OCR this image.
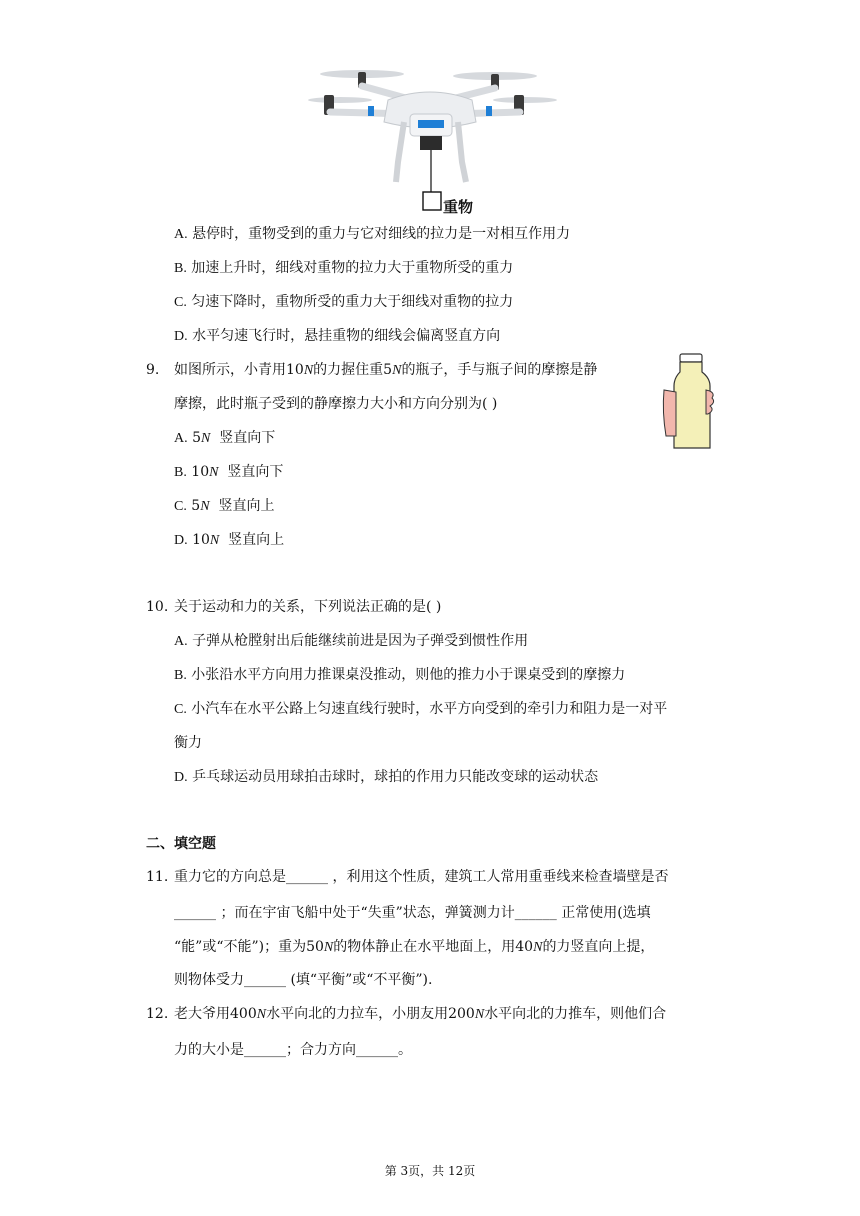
重物
A. 悬停时，重物受到的重力与它对细线的拉力是一对相互作用力
B. 加速上升时，细线对重物的拉力大于重物所受的重力
C. 匀速下降时，重物所受的重力大于细线对重物的拉力
D. 水平匀速飞行时，悬挂重物的细线会偏离竖直方向
9. 如图所示，小青用10N的力握住重5N的瓶子，手与瓶子间的摩擦是静
摩擦，此时瓶子受到的静摩擦力大小和方向分别为( )
A. 5N 竖直向下
B. 10N 竖直向下
C. 5N 竖直向上
D. 10N 竖直向上
10. 关于运动和力的关系，下列说法正确的是( )
A. 子弹从枪膛射出后能继续前进是因为子弹受到惯性作用
B. 小张沿水平方向用力推课桌没推动，则他的推力小于课桌受到的摩擦力
C. 小汽车在水平公路上匀速直线行驶时，水平方向受到的牵引力和阻力是一对平
衡力
D. 乒乓球运动员用球拍击球时，球拍的作用力只能改变球的运动状态
二、填空题
11. 重力它的方向总是______ ，利用这个性质，建筑工人常用重垂线来检查墙壁是否
______ ；而在宇宙飞船中处于“失重”状态，弹簧测力计______ 正常使用(选填
“能”或“不能”)；重为50N的物体静止在水平地面上，用40N的力竖直向上提，
则物体受力______ (填“平衡”或“不平衡”).
12. 老大爷用400N水平向北的力拉车，小朋友用200N水平向北的力推车，则他们合
力的大小是______；合力方向______。
第 3页，共 12页
